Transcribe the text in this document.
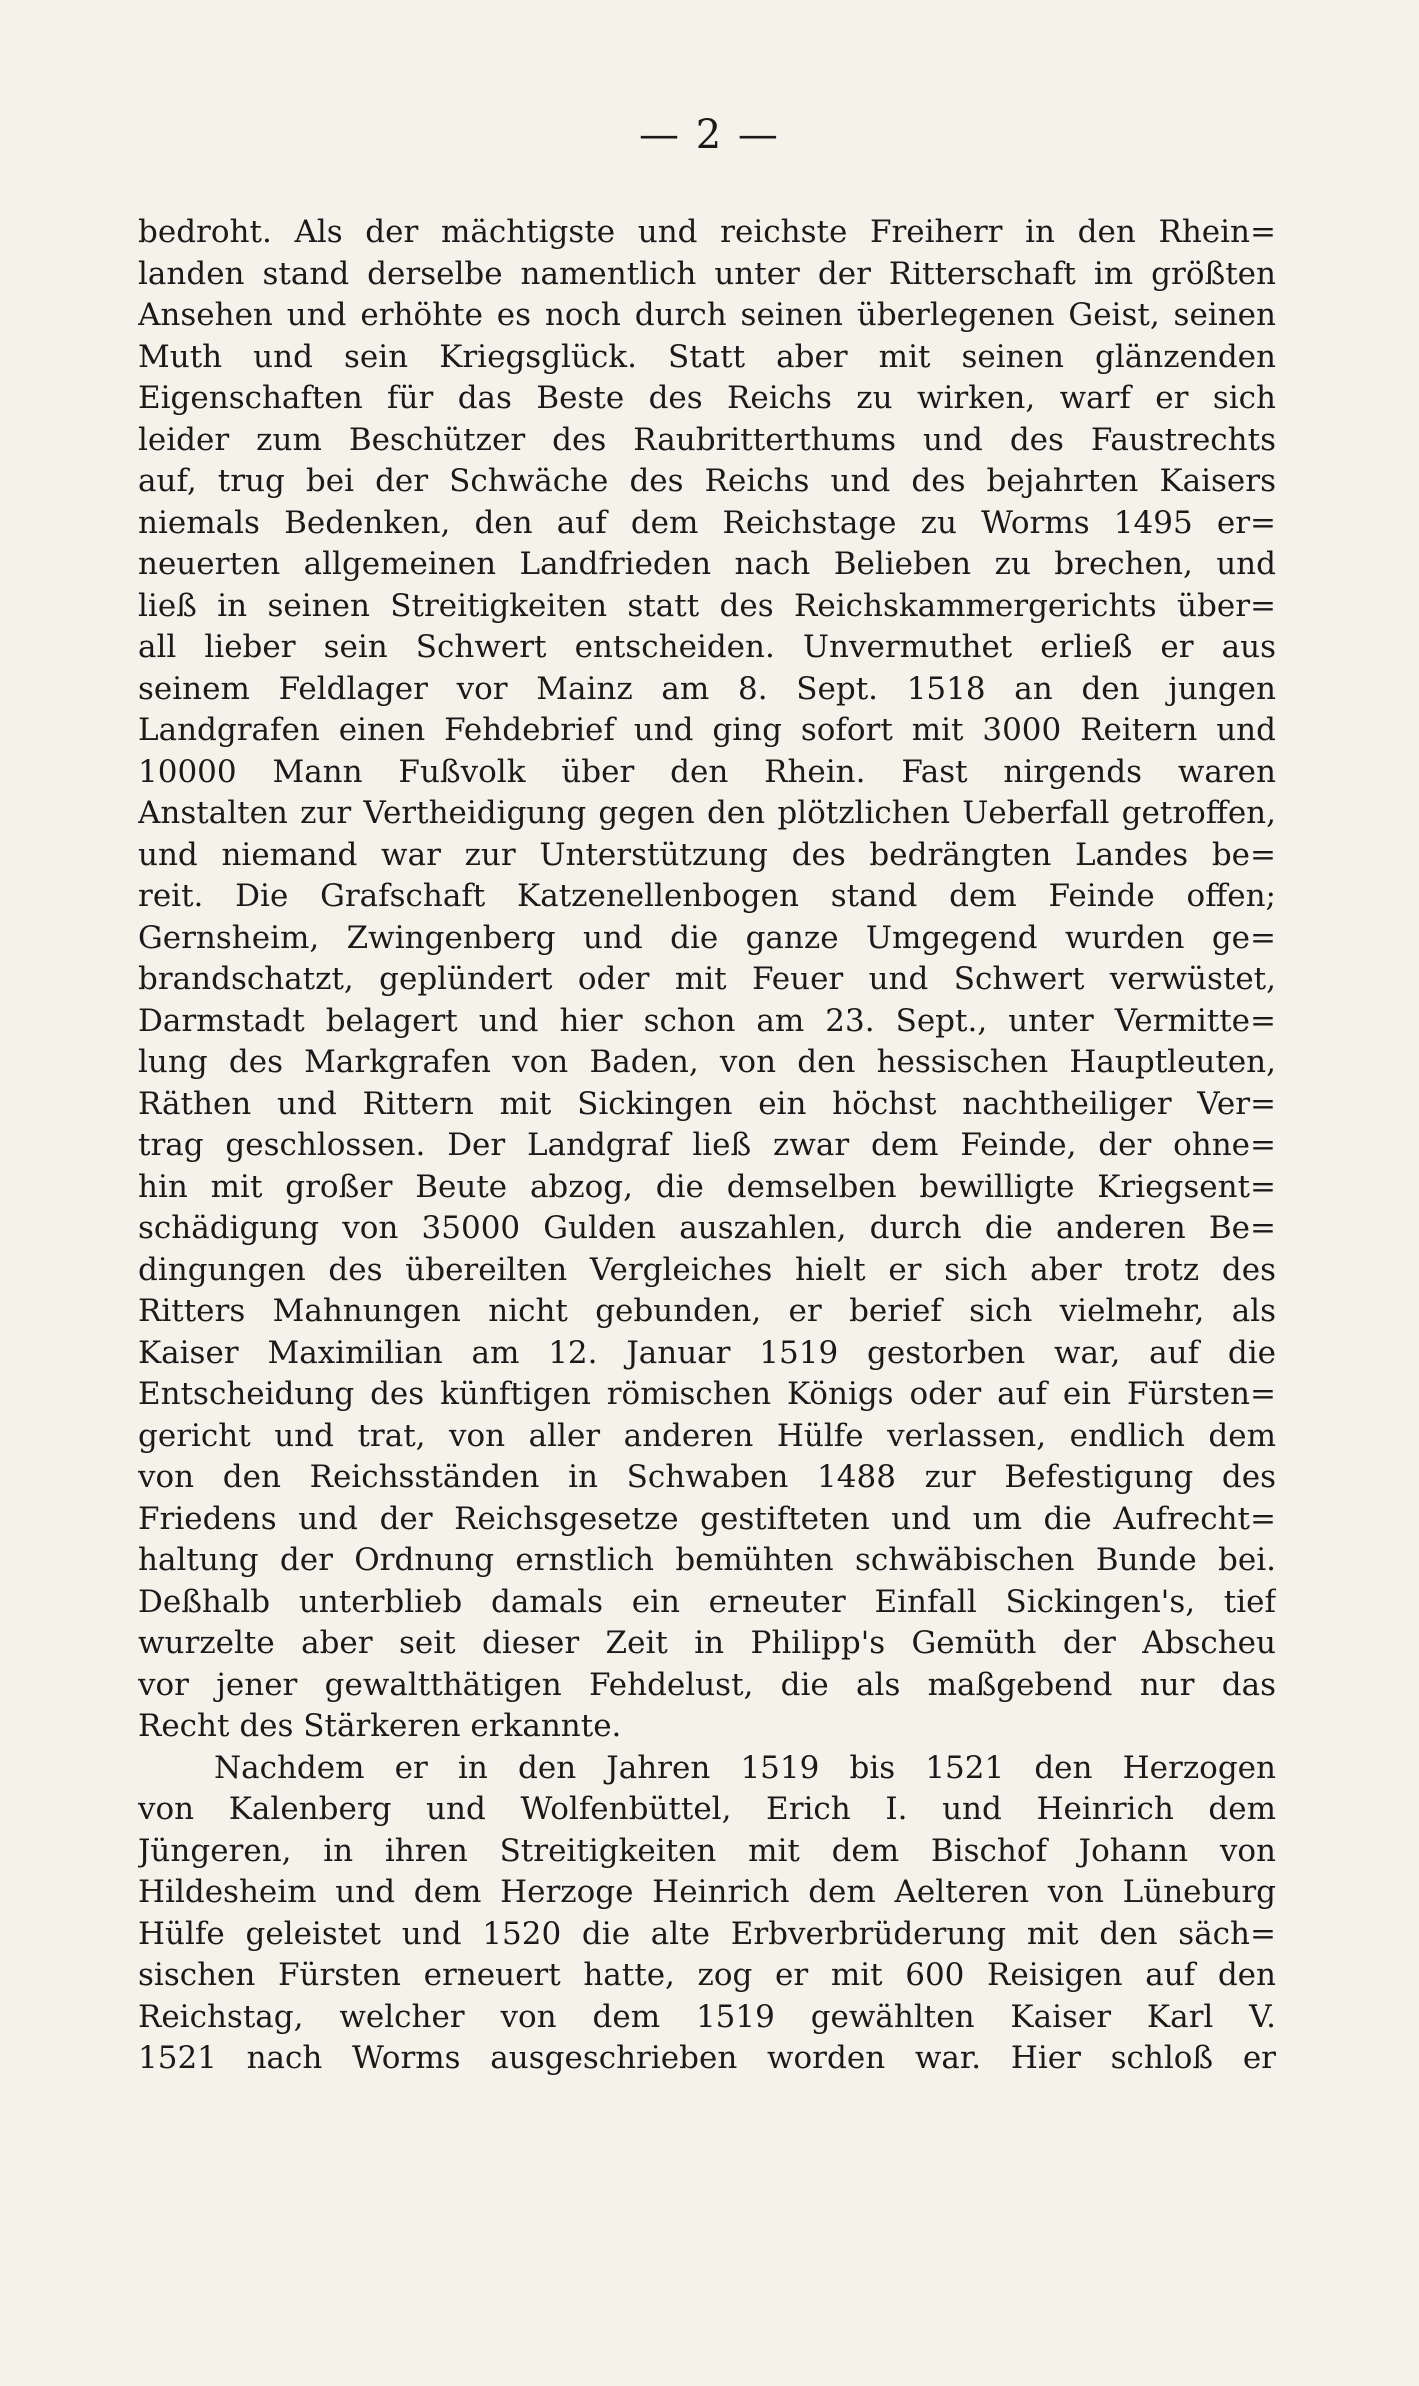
— 2 —
bedroht. Als der mächtigste und reichste Freiherr in den Rhein=
landen stand derselbe namentlich unter der Ritterschaft im größten
Ansehen und erhöhte es noch durch seinen überlegenen Geist, seinen
Muth und sein Kriegsglück. Statt aber mit seinen glänzenden
Eigenschaften für das Beste des Reichs zu wirken, warf er sich
leider zum Beschützer des Raubritterthums und des Faustrechts
auf, trug bei der Schwäche des Reichs und des bejahrten Kaisers
niemals Bedenken, den auf dem Reichstage zu Worms 1495 er=
neuerten allgemeinen Landfrieden nach Belieben zu brechen, und
ließ in seinen Streitigkeiten statt des Reichskammergerichts über=
all lieber sein Schwert entscheiden. Unvermuthet erließ er aus
seinem Feldlager vor Mainz am 8. Sept. 1518 an den jungen
Landgrafen einen Fehdebrief und ging sofort mit 3000 Reitern und
10000 Mann Fußvolk über den Rhein. Fast nirgends waren
Anstalten zur Vertheidigung gegen den plötzlichen Ueberfall getroffen,
und niemand war zur Unterstützung des bedrängten Landes be=
reit. Die Grafschaft Katzenellenbogen stand dem Feinde offen;
Gernsheim, Zwingenberg und die ganze Umgegend wurden ge=
brandschatzt, geplündert oder mit Feuer und Schwert verwüstet,
Darmstadt belagert und hier schon am 23. Sept., unter Vermitte=
lung des Markgrafen von Baden, von den hessischen Hauptleuten,
Räthen und Rittern mit Sickingen ein höchst nachtheiliger Ver=
trag geschlossen. Der Landgraf ließ zwar dem Feinde, der ohne=
hin mit großer Beute abzog, die demselben bewilligte Kriegsent=
schädigung von 35000 Gulden auszahlen, durch die anderen Be=
dingungen des übereilten Vergleiches hielt er sich aber trotz des
Ritters Mahnungen nicht gebunden, er berief sich vielmehr, als
Kaiser Maximilian am 12. Januar 1519 gestorben war, auf die
Entscheidung des künftigen römischen Königs oder auf ein Fürsten=
gericht und trat, von aller anderen Hülfe verlassen, endlich dem
von den Reichsständen in Schwaben 1488 zur Befestigung des
Friedens und der Reichsgesetze gestifteten und um die Aufrecht=
haltung der Ordnung ernstlich bemühten schwäbischen Bunde bei.
Deßhalb unterblieb damals ein erneuter Einfall Sickingen's, tief
wurzelte aber seit dieser Zeit in Philipp's Gemüth der Abscheu
vor jener gewaltthätigen Fehdelust, die als maßgebend nur das
Recht des Stärkeren erkannte.
Nachdem er in den Jahren 1519 bis 1521 den Herzogen
von Kalenberg und Wolfenbüttel, Erich I. und Heinrich dem
Jüngeren, in ihren Streitigkeiten mit dem Bischof Johann von
Hildesheim und dem Herzoge Heinrich dem Aelteren von Lüneburg
Hülfe geleistet und 1520 die alte Erbverbrüderung mit den säch=
sischen Fürsten erneuert hatte, zog er mit 600 Reisigen auf den
Reichstag, welcher von dem 1519 gewählten Kaiser Karl V.
1521 nach Worms ausgeschrieben worden war. Hier schloß er
